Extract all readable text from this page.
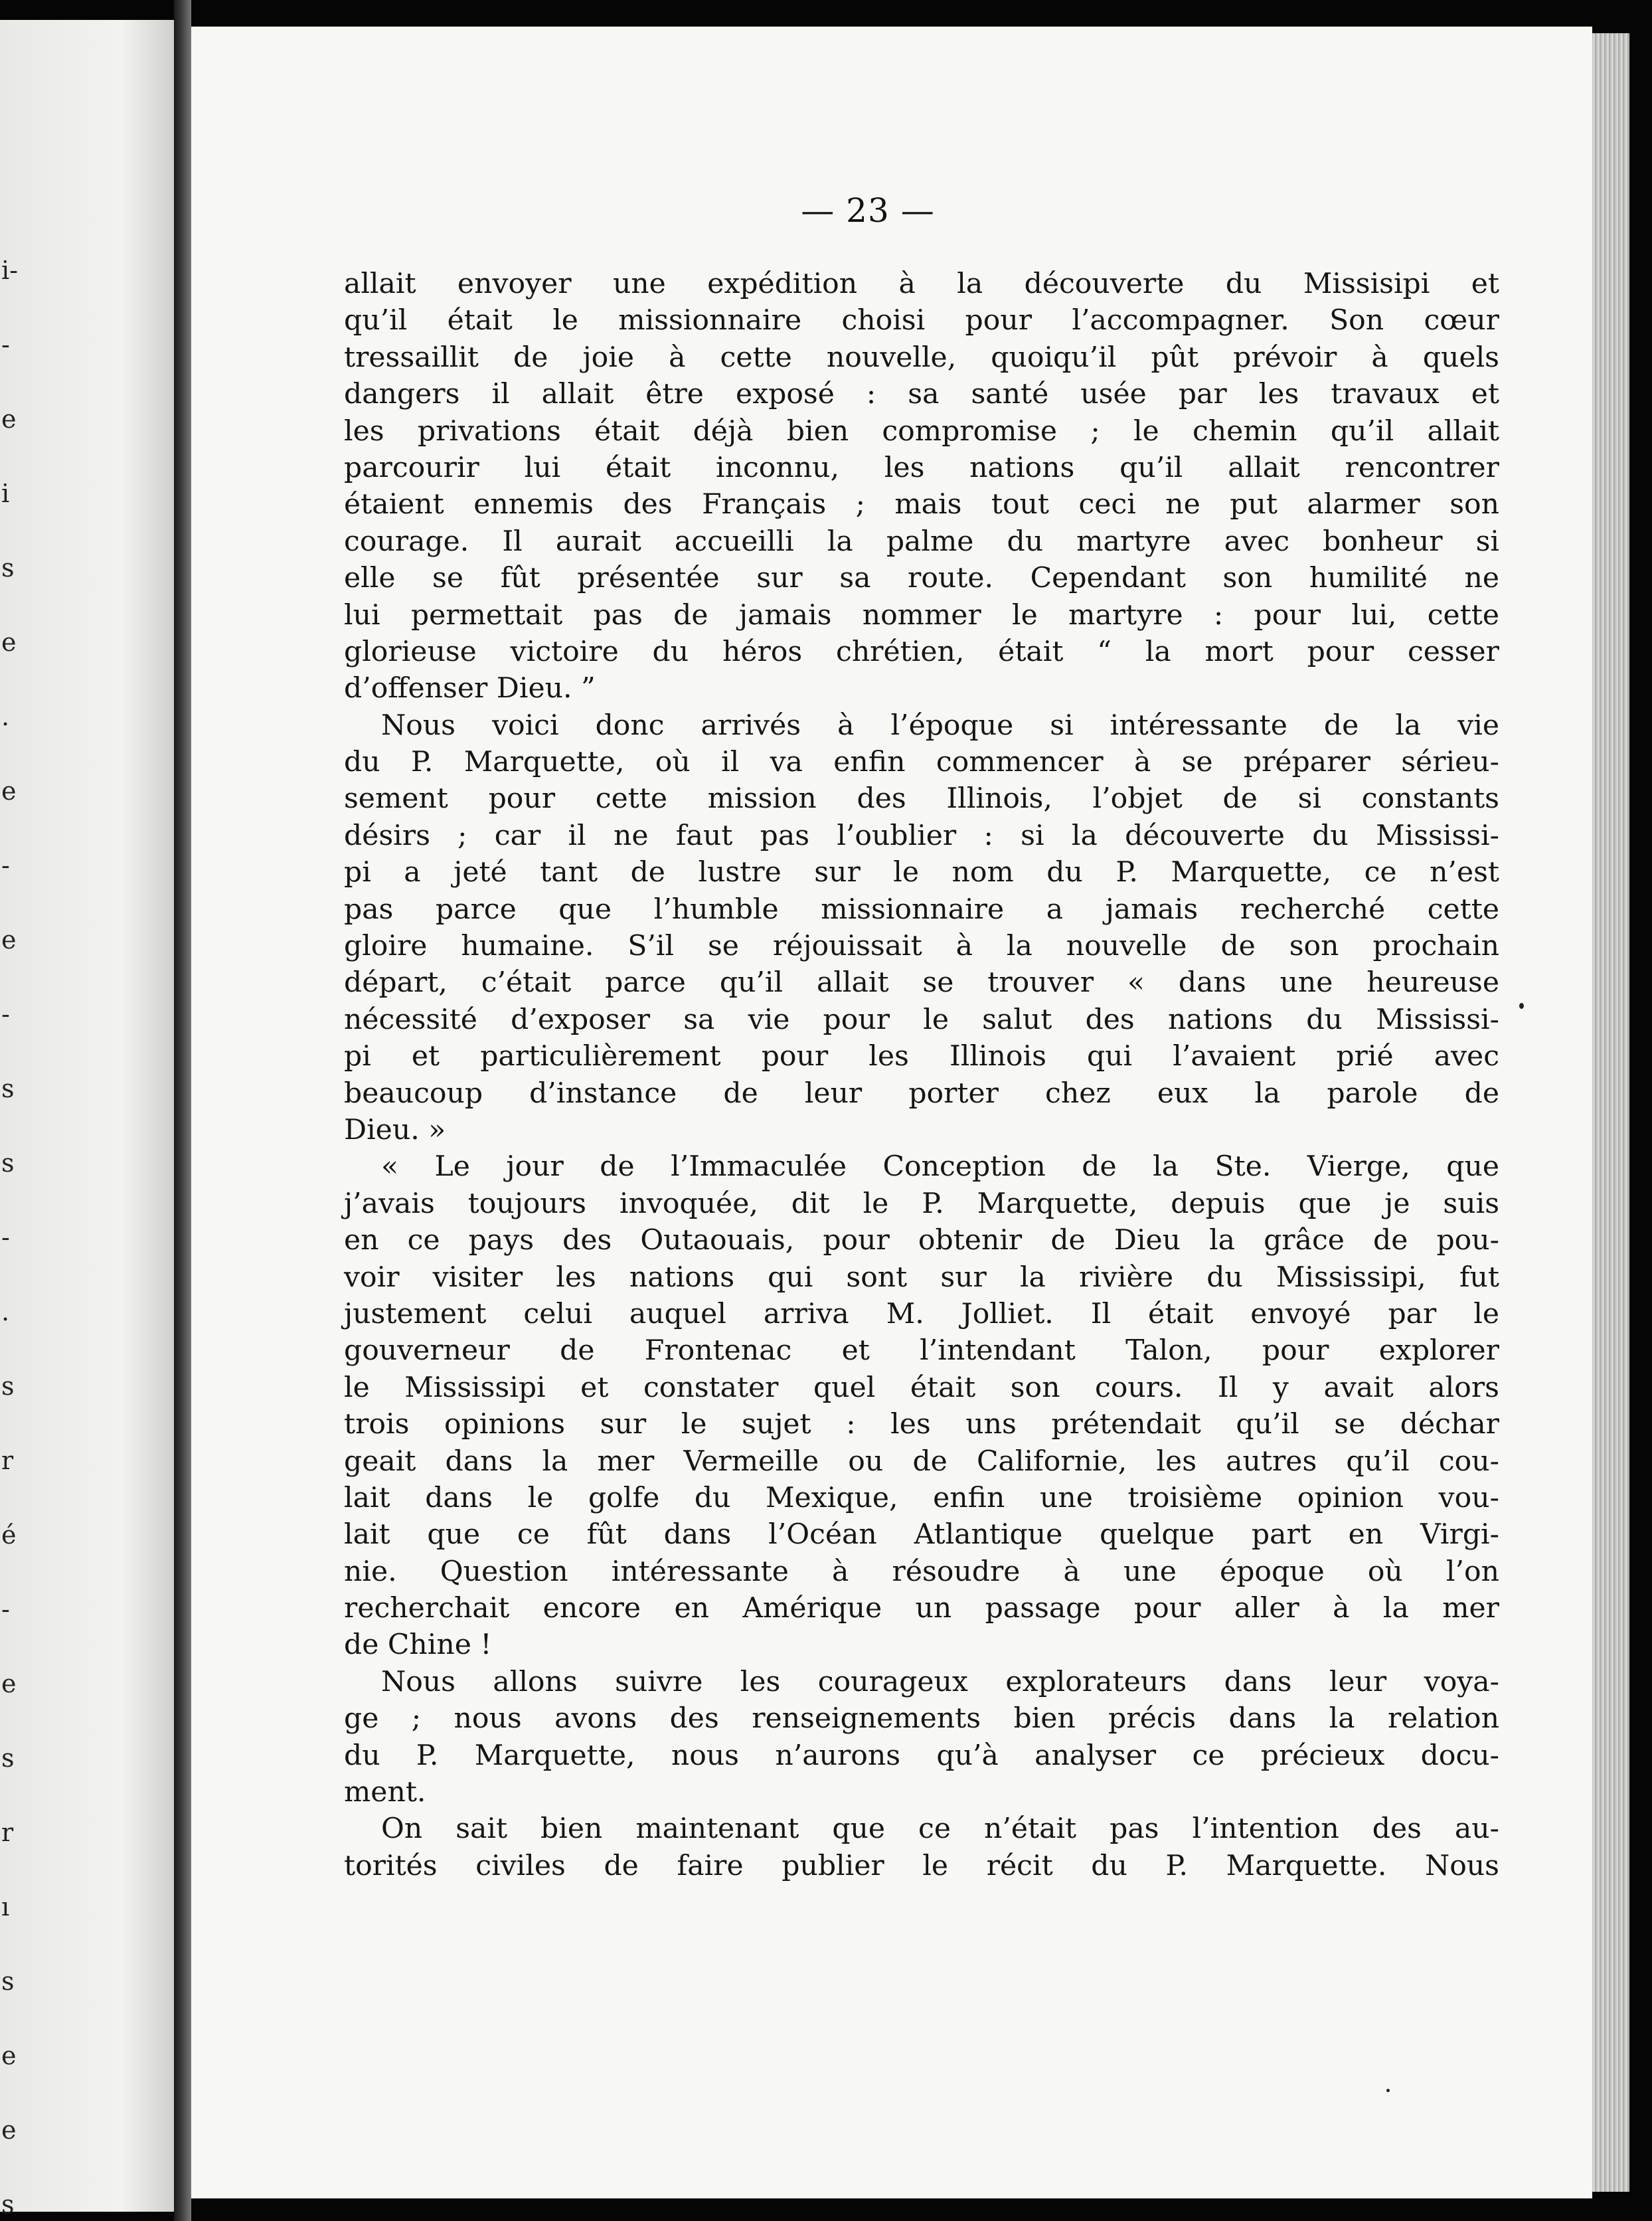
i-
-
e
i
s
e
.
e
-
e
-
s
s
-
.
s
r
é
-
e
s
r
ı
s
e
e
s
— 23 —
allait envoyer une expédition à la découverte du Missisipi et
qu’il était le missionnaire choisi pour l’accompagner. Son cœur
tressaillit de joie à cette nouvelle, quoiqu’il pût prévoir à quels
dangers il allait être exposé : sa santé usée par les travaux et
les privations était déjà bien compromise ; le chemin qu’il allait
parcourir lui était inconnu, les nations qu’il allait rencontrer
étaient ennemis des Français ; mais tout ceci ne put alarmer son
courage. Il aurait accueilli la palme du martyre avec bonheur si
elle se fût présentée sur sa route. Cependant son humilité ne
lui permettait pas de jamais nommer le martyre : pour lui, cette
glorieuse victoire du héros chrétien, était “ la mort pour cesser
d’offenser Dieu. ”
Nous voici donc arrivés à l’époque si intéressante de la vie
du P. Marquette, où il va enfin commencer à se préparer sérieu-
sement pour cette mission des Illinois, l’objet de si constants
désirs ; car il ne faut pas l’oublier : si la découverte du Mississi-
pi a jeté tant de lustre sur le nom du P. Marquette, ce n’est
pas parce que l’humble missionnaire a jamais recherché cette
gloire humaine. S’il se réjouissait à la nouvelle de son prochain
départ, c’était parce qu’il allait se trouver « dans une heureuse
nécessité d’exposer sa vie pour le salut des nations du Mississi-
pi et particulièrement pour les Illinois qui l’avaient prié avec
beaucoup d’instance de leur porter chez eux la parole de
Dieu. »
« Le jour de l’Immaculée Conception de la Ste. Vierge, que
j’avais toujours invoquée, dit le P. Marquette, depuis que je suis
en ce pays des Outaouais, pour obtenir de Dieu la grâce de pou-
voir visiter les nations qui sont sur la rivière du Mississipi, fut
justement celui auquel arriva M. Jolliet. Il était envoyé par le
gouverneur de Frontenac et l’intendant Talon, pour explorer
le Mississipi et constater quel était son cours. Il y avait alors
trois opinions sur le sujet : les uns prétendait qu’il se déchar
geait dans la mer Vermeille ou de Californie, les autres qu’il cou-
lait dans le golfe du Mexique, enfin une troisième opinion vou-
lait que ce fût dans l’Océan Atlantique quelque part en Virgi-
nie. Question intéressante à résoudre à une époque où l’on
recherchait encore en Amérique un passage pour aller à la mer
de Chine !
Nous allons suivre les courageux explorateurs dans leur voya-
ge ; nous avons des renseignements bien précis dans la relation
du P. Marquette, nous n’aurons qu’à analyser ce précieux docu-
ment.
On sait bien maintenant que ce n’était pas l’intention des au-
torités civiles de faire publier le récit du P. Marquette. Nous
